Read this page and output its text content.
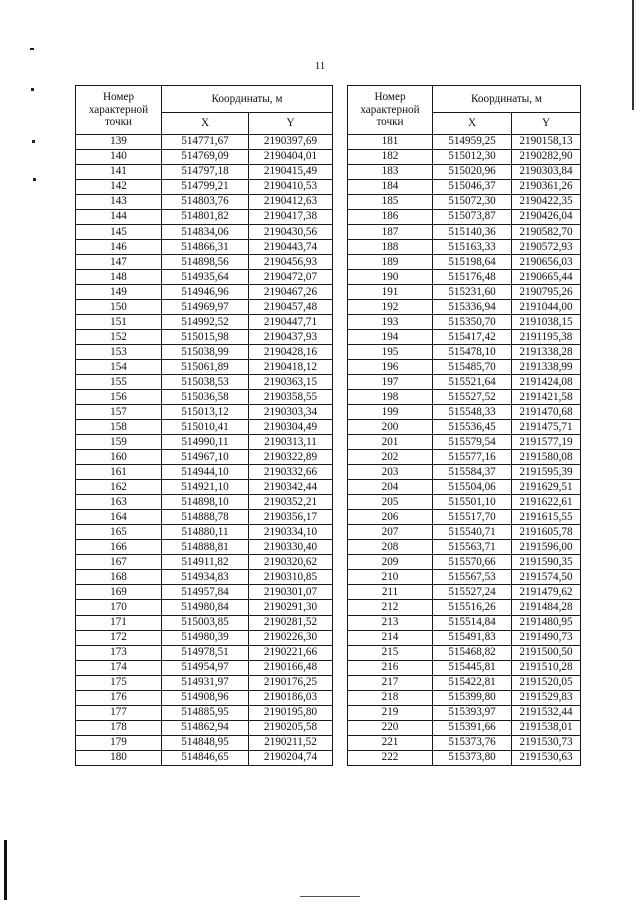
11
Номер характерной точки	Координаты, м	
	X	Y
139	514771,67	2190397,69
140	514769,09	2190404,01
141	514797,18	2190415,49
142	514799,21	2190410,53
143	514803,76	2190412,63
144	514801,82	2190417,38
145	514834,06	2190430,56
146	514866,31	2190443,74
147	514898,56	2190456,93
148	514935,64	2190472,07
149	514946,96	2190467,26
150	514969,97	2190457,48
151	514992,52	2190447,71
152	515015,98	2190437,93
153	515038,99	2190428,16
154	515061,89	2190418,12
155	515038,53	2190363,15
156	515036,58	2190358,55
157	515013,12	2190303,34
158	515010,41	2190304,49
159	514990,11	2190313,11
160	514967,10	2190322,89
161	514944,10	2190332,66
162	514921,10	2190342,44
163	514898,10	2190352,21
164	514888,78	2190356,17
165	514880,11	2190334,10
166	514888,81	2190330,40
167	514911,82	2190320,62
168	514934,83	2190310,85
169	514957,84	2190301,07
170	514980,84	2190291,30
171	515003,85	2190281,52
172	514980,39	2190226,30
173	514978,51	2190221,66
174	514954,97	2190166,48
175	514931,97	2190176,25
176	514908,96	2190186,03
177	514885,95	2190195,80
178	514862,94	2190205,58
179	514848,95	2190211,52
180	514846,65	2190204,74
Номер характерной точки	Координаты, м	
	X	Y
181	514959,25	2190158,13
182	515012,30	2190282,90
183	515020,96	2190303,84
184	515046,37	2190361,26
185	515072,30	2190422,35
186	515073,87	2190426,04
187	515140,36	2190582,70
188	515163,33	2190572,93
189	515198,64	2190656,03
190	515176,48	2190665,44
191	515231,60	2190795,26
192	515336,94	2191044,00
193	515350,70	2191038,15
194	515417,42	2191195,38
195	515478,10	2191338,28
196	515485,70	2191338,99
197	515521,64	2191424,08
198	515527,52	2191421,58
199	515548,33	2191470,68
200	515536,45	2191475,71
201	515579,54	2191577,19
202	515577,16	2191580,08
203	515584,37	2191595,39
204	515504,06	2191629,51
205	515501,10	2191622,61
206	515517,70	2191615,55
207	515540,71	2191605,78
208	515563,71	2191596,00
209	515570,66	2191590,35
210	515567,53	2191574,50
211	515527,24	2191479,62
212	515516,26	2191484,28
213	515514,84	2191480,95
214	515491,83	2191490,73
215	515468,82	2191500,50
216	515445,81	2191510,28
217	515422,81	2191520,05
218	515399,80	2191529,83
219	515393,97	2191532,44
220	515391,66	2191538,01
221	515373,76	2191530,73
222	515373,80	2191530,63
